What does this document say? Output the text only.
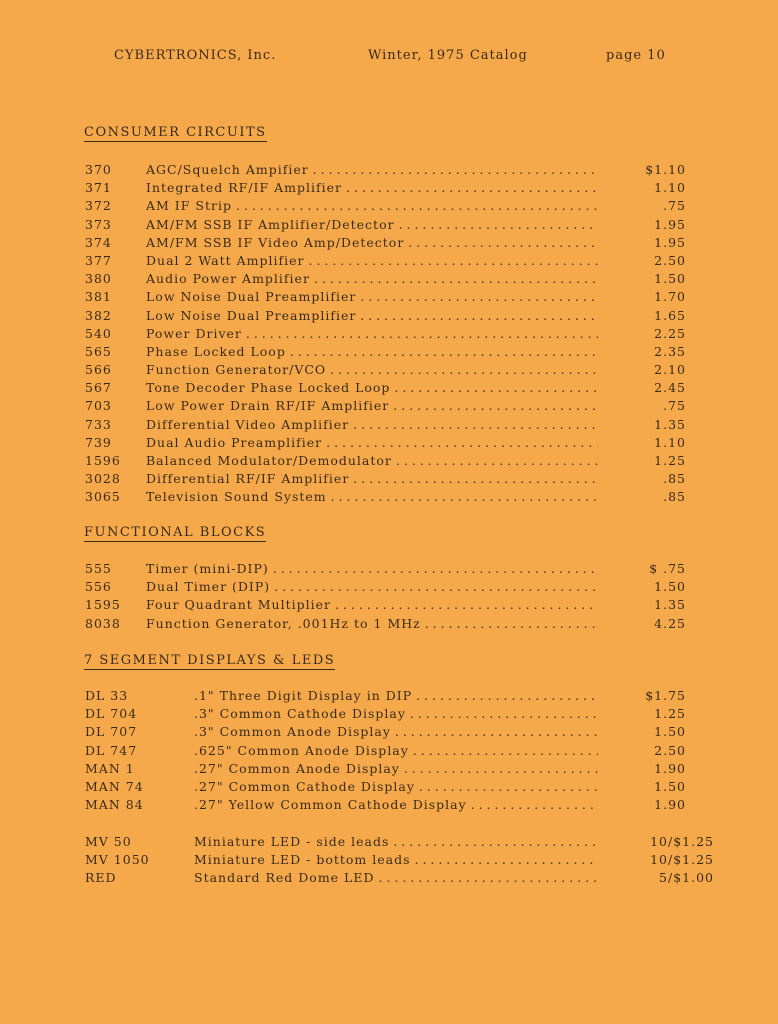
CYBERTRONICS, Inc.	Winter, 1975 Catalog	page 10
CONSUMER CIRCUITS
370	AGC/Squelch Ampifier . . .	$1.10
371	Integrated RF/IF Amplifier . . .	1.10
372	AM IF Strip . . .	.75
373	AM/FM SSB IF Amplifier/Detector . . .	1.95
374	AM/FM SSB IF Video Amp/Detector . . .	1.95
377	Dual 2 Watt Amplifier . . .	2.50
380	Audio Power Amplifier . . .	1.50
381	Low Noise Dual Preamplifier . . .	1.70
382	Low Noise Dual Preamplifier . . .	1.65
540	Power Driver . . .	2.25
565	Phase Locked Loop . . .	2.35
566	Function Generator/VCO . . .	2.10
567	Tone Decoder Phase Locked Loop . . .	2.45
703	Low Power Drain RF/IF Amplifier . . .	.75
733	Differential Video Amplifier . . .	1.35
739	Dual Audio Preamplifier . . .	1.10
1596 Balanced Modulator/Demodulator . . .	1.25
3028 Differential RF/IF Amplifier . . .	.85
3065 Television Sound System . . .	.85
FUNCTIONAL BLOCKS
555	Timer (mini-DIP) . . .	$ .75
556	Dual Timer (DIP) . . .	1.50
1595 Four Quadrant Multiplier . . .	1.35
8038 Function Generator, .001Hz to 1 MHz . . .	4.25
7 SEGMENT DISPLAYS & LEDS
DL 33	.1" Three Digit Display in DIP . . .	$1.75
DL 704	.3" Common Cathode Display . . .	1.25
DL 707	.3" Common Anode Display . . .	1.50
DL 747	.625" Common Anode Display . . .	2.50
MAN 1	.27" Common Anode Display . . .	1.90
MAN 74	.27" Common Cathode Display . . .	1.50
MAN 84	.27" Yellow Common Cathode Display . . .	1.90
MV 50	Miniature LED - side leads . . .	10/$1.25
MV 1050	Miniature LED - bottom leads . . .	10/$1.25
RED	Standard Red Dome LED . . .	5/$1.00
